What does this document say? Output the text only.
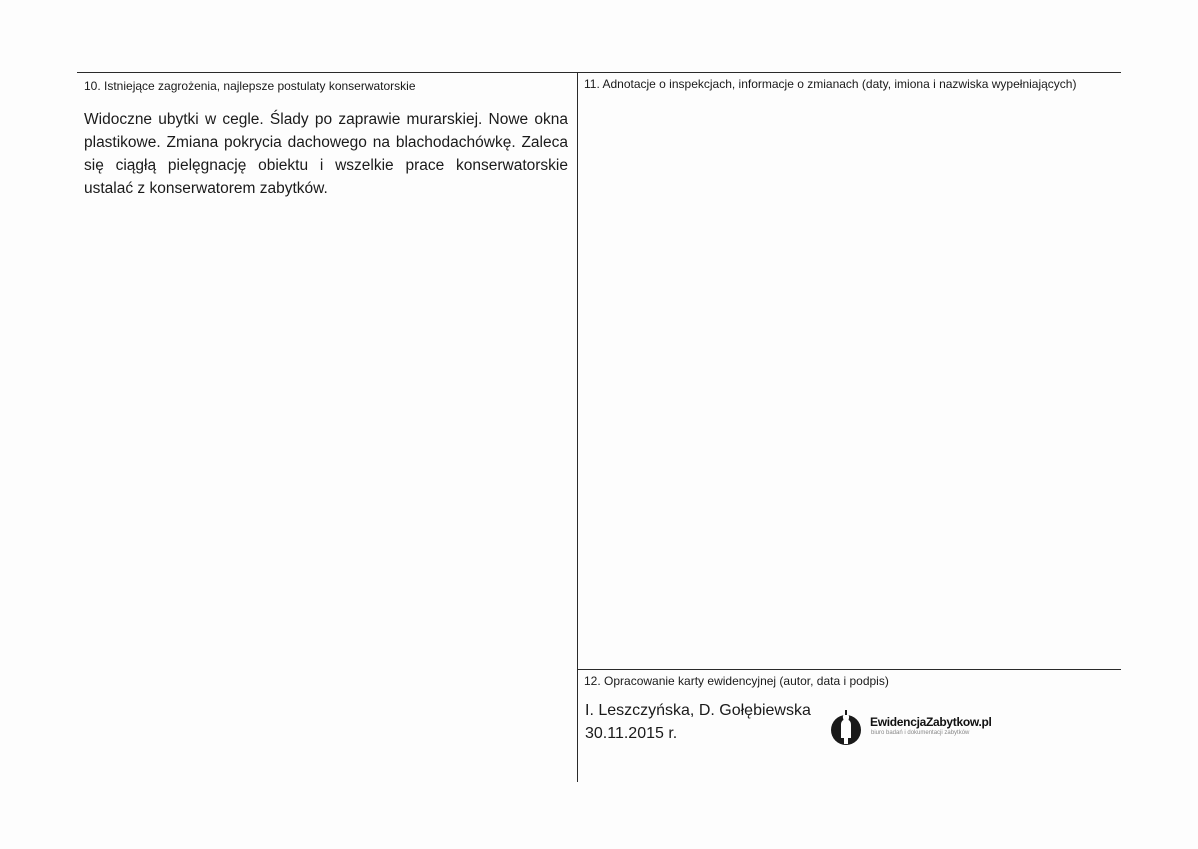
10. Istniejące zagrożenia, najlepsze postulaty konserwatorskie
Widoczne ubytki w cegle. Ślady po zaprawie murarskiej. Nowe okna plastikowe. Zmiana pokrycia dachowego na blachodachówkę. Zaleca się ciągłą pielęgnację obiektu i wszelkie prace konserwatorskie ustalać z konserwatorem zabytków.
11. Adnotacje o inspekcjach, informacje o zmianach (daty, imiona i nazwiska wypełniających)
12. Opracowanie karty ewidencyjnej (autor, data i podpis)
I. Leszczyńska, D. Gołębiewska
30.11.2015 r.
EwidencjaZabytkow.pl
biuro badań i dokumentacji zabytków
